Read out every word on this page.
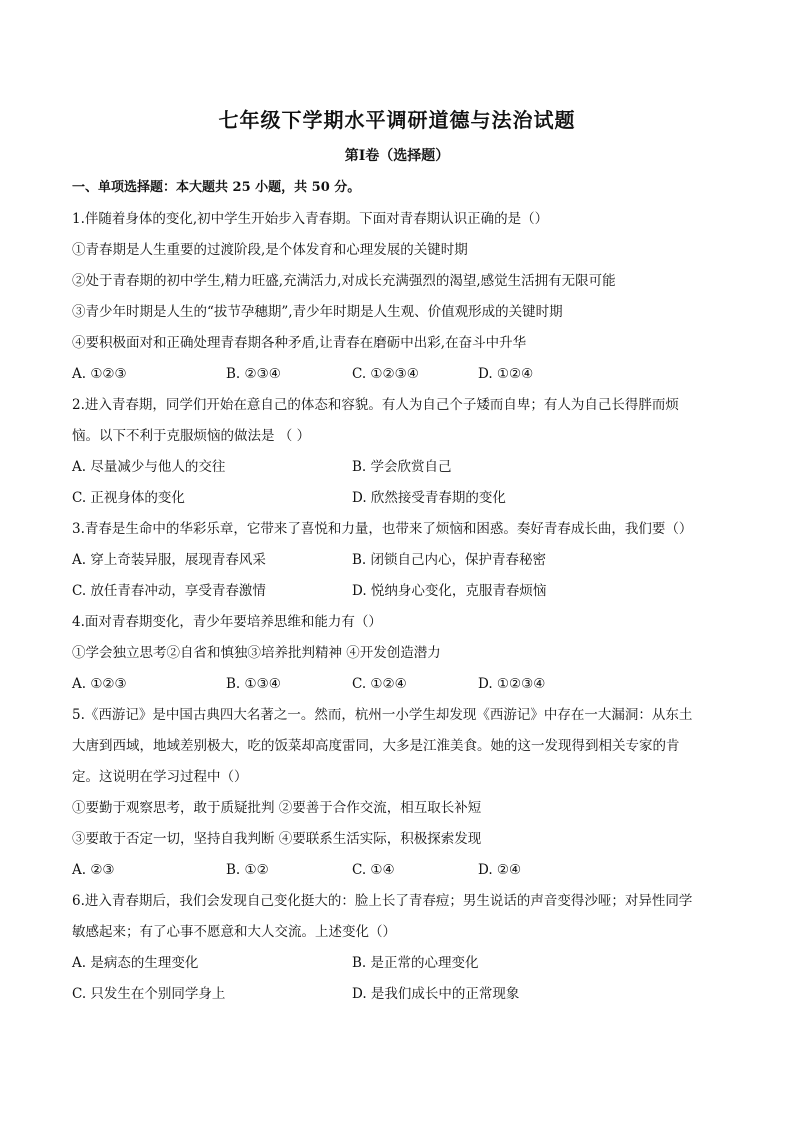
七年级下学期水平调研道德与法治试题
第Ⅰ卷（选择题）
一、单项选择题：本大题共 25 小题，共 50 分。
1.伴随着身体的变化,初中学生开始步入青春期。下面对青春期认识正确的是（）
①青春期是人生重要的过渡阶段,是个体发育和心理发展的关键时期
②处于青春期的初中学生,精力旺盛,充满活力,对成长充满强烈的渴望,感觉生活拥有无限可能
③青少年时期是人生的“拔节孕穗期”,青少年时期是人生观、价值观形成的关键时期
④要积极面对和正确处理青春期各种矛盾,让青春在磨砺中出彩,在奋斗中升华
A. ①②③	B. ②③④	C. ①②③④	D. ①②④
2.进入青春期，同学们开始在意自己的体态和容貌。有人为自己个子矮而自卑；有人为自己长得胖而烦
恼。以下不利于克服烦恼的做法是 （ ）
A. 尽量减少与他人的交往	B. 学会欣赏自己
C. 正视身体的变化	D. 欣然接受青春期的变化
3.青春是生命中的华彩乐章，它带来了喜悦和力量，也带来了烦恼和困惑。奏好青春成长曲，我们要（）
A. 穿上奇装异服，展现青春风采	B. 闭锁自己内心，保护青春秘密
C. 放任青春冲动，享受青春激情	D. 悦纳身心变化，克服青春烦恼
4.面对青春期变化，青少年要培养思维和能力有（）
①学会独立思考②自省和慎独③培养批判精神 ④开发创造潜力
A. ①②③	B. ①③④	C. ①②④	D. ①②③④
5.《西游记》是中国古典四大名著之一。然而，杭州一小学生却发现《西游记》中存在一大漏洞：从东土
大唐到西域，地域差别极大，吃的饭菜却高度雷同，大多是江淮美食。她的这一发现得到相关专家的肯
定。这说明在学习过程中（）
①要勤于观察思考，敢于质疑批判 ②要善于合作交流，相互取长补短
③要敢于否定一切，坚持自我判断 ④要联系生活实际，积极探索发现
A. ②③	B. ①②	C. ①④	D. ②④
6.进入青春期后，我们会发现自己变化挺大的：脸上长了青春痘；男生说话的声音变得沙哑；对异性同学
敏感起来；有了心事不愿意和大人交流。上述变化（）
A. 是病态的生理变化	B. 是正常的心理变化
C. 只发生在个别同学身上	D. 是我们成长中的正常现象
